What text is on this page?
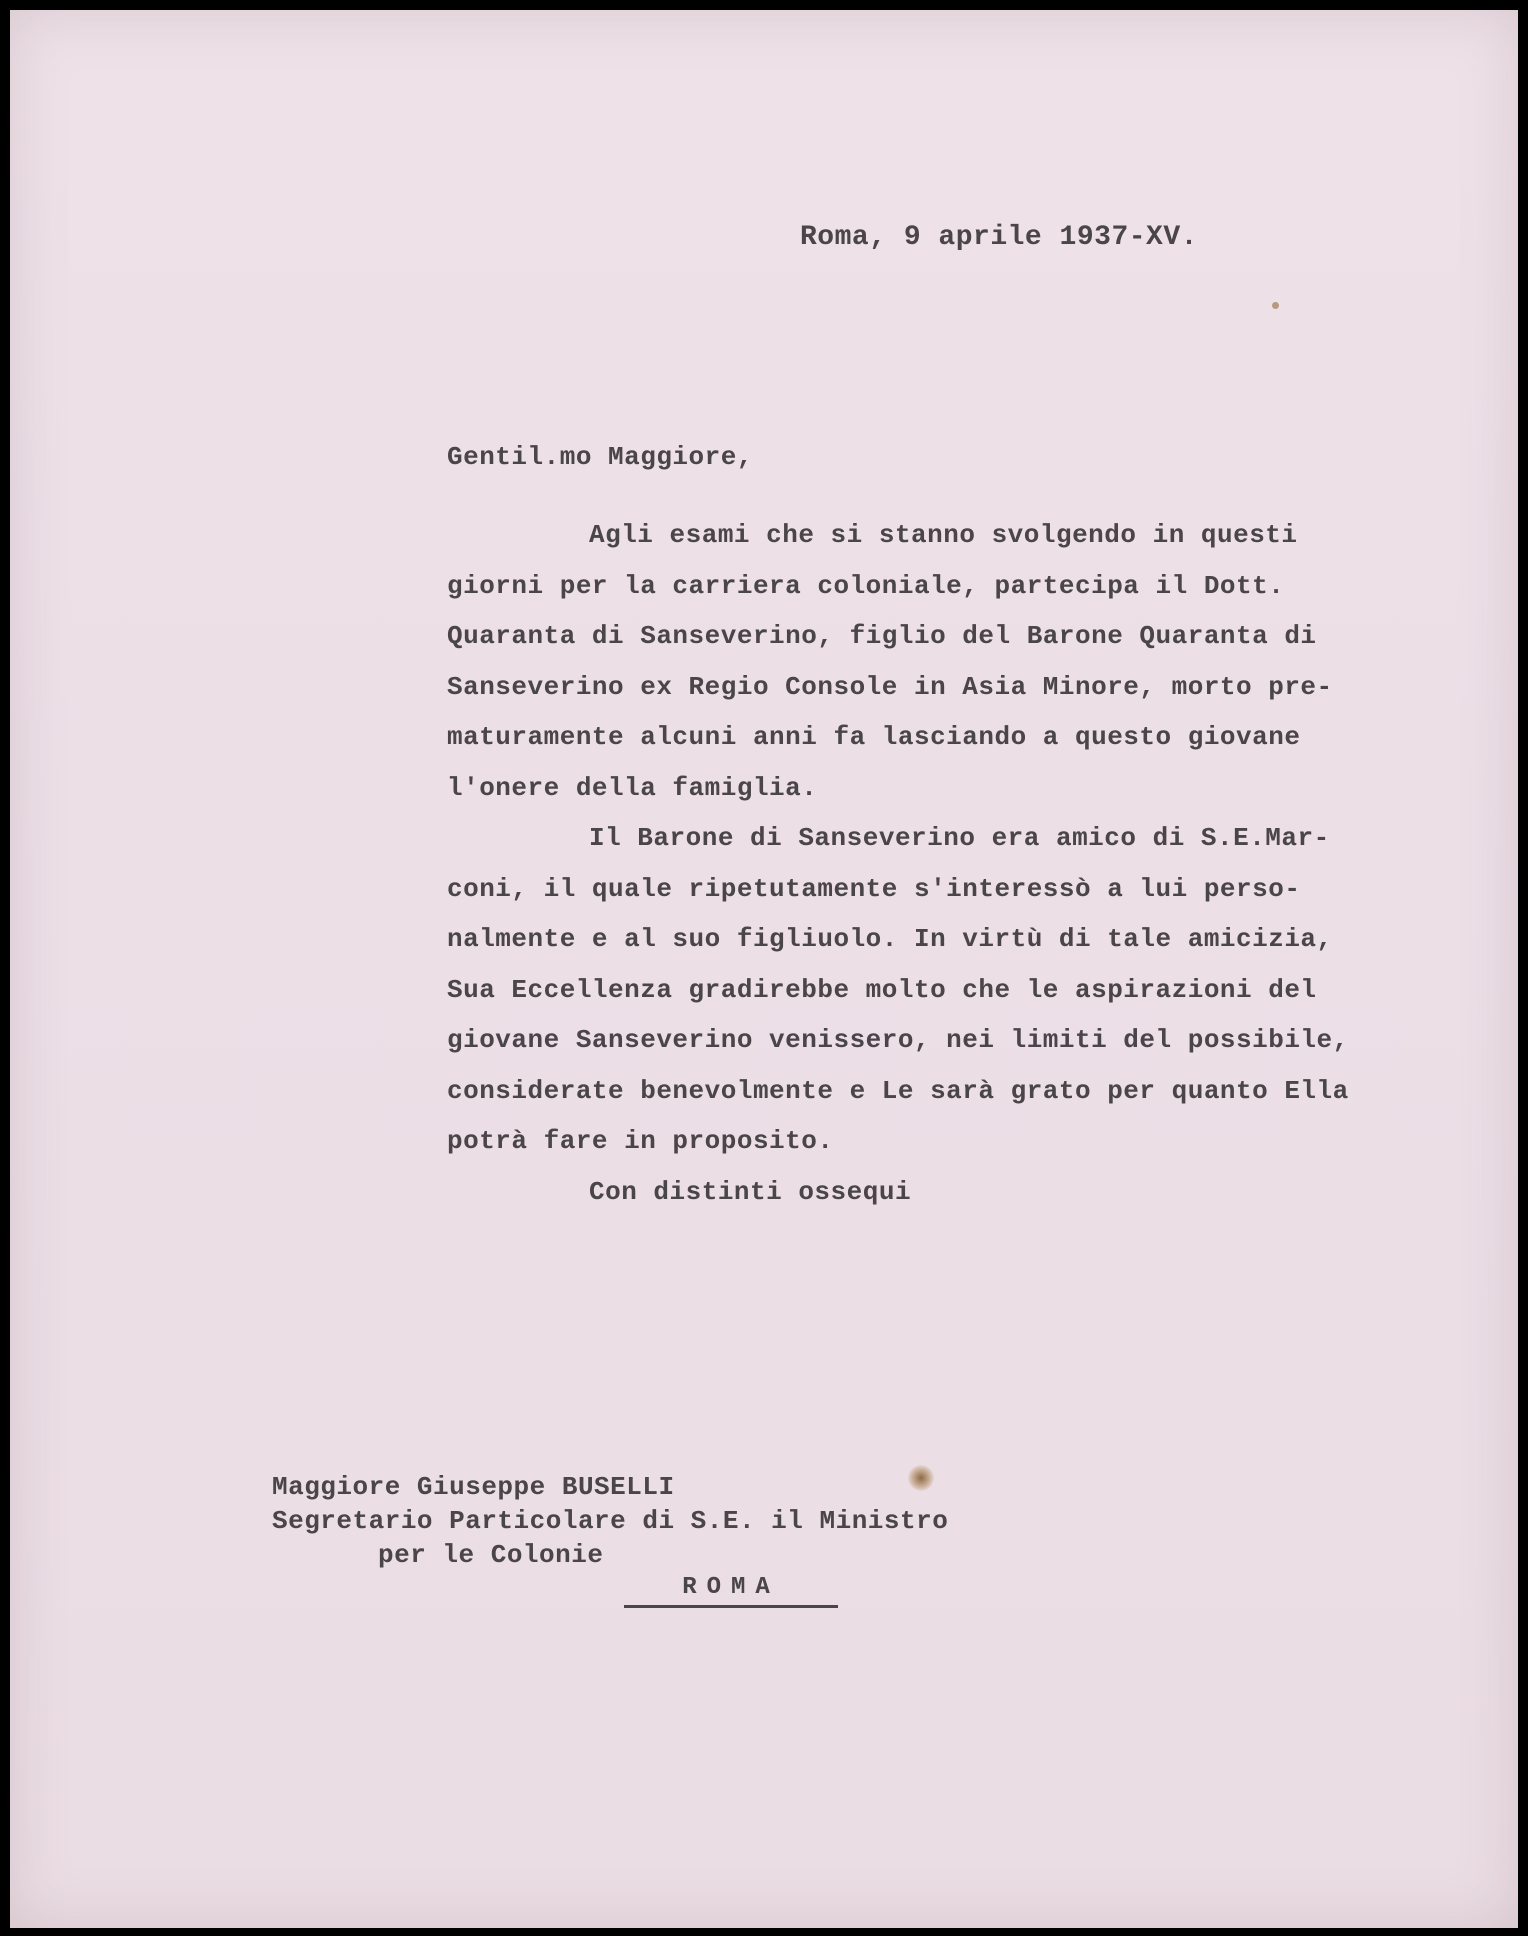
Roma, 9 aprile 1937-XV.
Gentil.mo Maggiore,
Agli esami che si stanno svolgendo in questi
giorni per la carriera coloniale, partecipa il Dott.
Quaranta di Sanseverino, figlio del Barone Quaranta di
Sanseverino ex Regio Console in Asia Minore, morto pre-
maturamente alcuni anni fa lasciando a questo giovane
l'onere della famiglia.
Il Barone di Sanseverino era amico di S.E.Mar-
coni, il quale ripetutamente s'interessò a lui perso-
nalmente e al suo figliuolo. In virtù di tale amicizia,
Sua Eccellenza gradirebbe molto che le aspirazioni del
giovane Sanseverino venissero, nei limiti del possibile,
considerate benevolmente e Le sarà grato per quanto Ella
potrà fare in proposito.
Con distinti ossequi
Maggiore Giuseppe BUSELLI
Segretario Particolare di S.E. il Ministro
per le Colonie
ROMA
